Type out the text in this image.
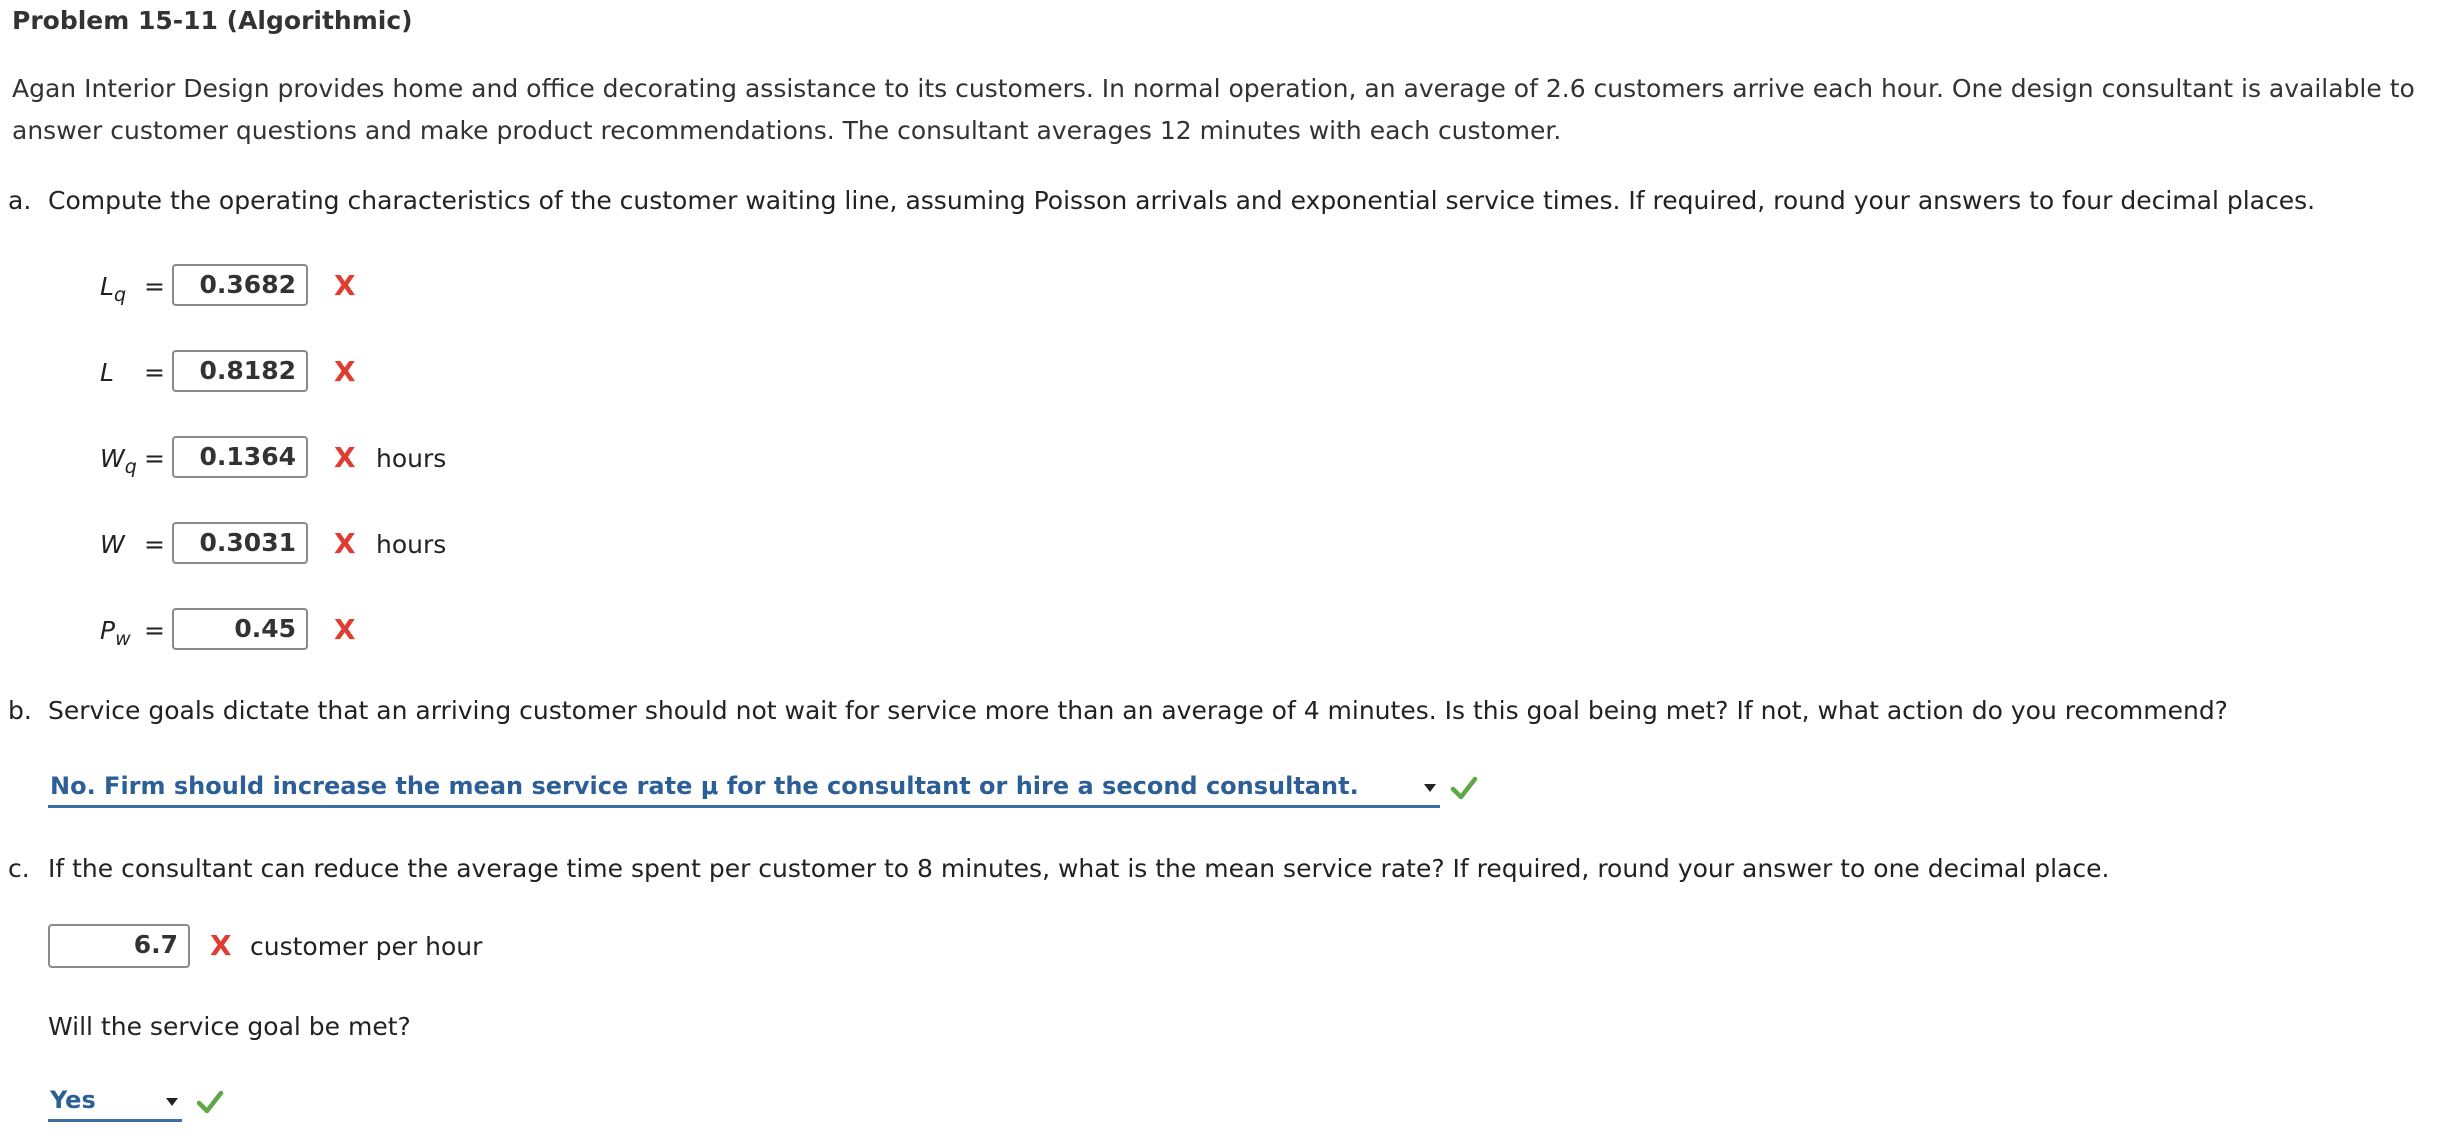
Problem 15-11 (Algorithmic)
Agan Interior Design provides home and office decorating assistance to its customers. In normal operation, an average of 2.6 customers arrive each hour. One design consultant is available to answer customer questions and make product recommendations. The consultant averages 12 minutes with each customer.
a. Compute the operating characteristics of the customer waiting line, assuming Poisson arrivals and exponential service times. If required, round your answers to four decimal places.
$L_q$ =	0.3682	X
L	=	0.8182	X
$W_q$ =	0.1364	X hours
W =	0.3031	X hours
$P_w$ =	0.45	X
b. Service goals dictate that an arriving customer should not wait for service more than an average of 4 minutes. Is this goal being met? If not, what action do you recommend?
No. Firm should increase the mean service rate μ for the consultant or hire a second consultant.
c. If the consultant can reduce the average time spent per customer to 8 minutes, what is the mean service rate? If required, round your answer to one decimal place.
6.7	X customer per hour
Will the service goal be met?
Yes
